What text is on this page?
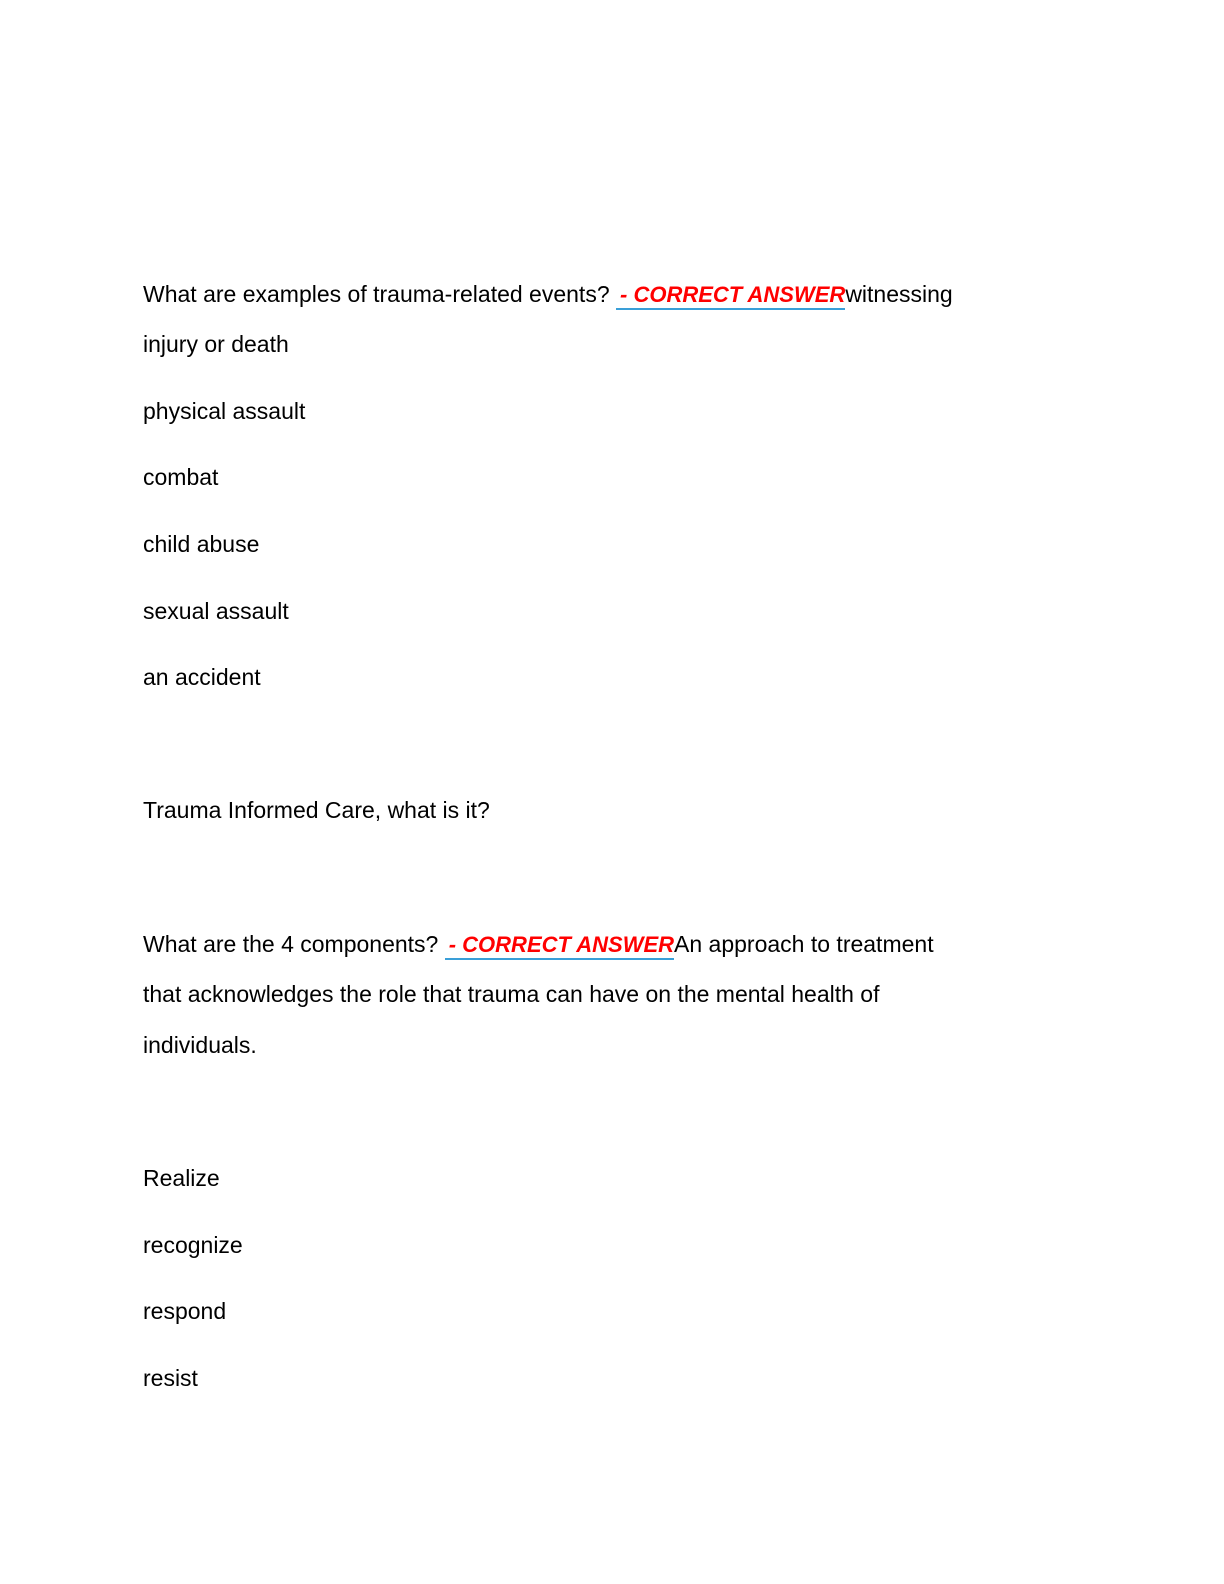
What are examples of trauma-related events? - CORRECT ANSWERwitnessing
injury or death
physical assault
combat
child abuse
sexual assault
an accident
Trauma Informed Care, what is it?
What are the 4 components? - CORRECT ANSWERAn approach to treatment
that acknowledges the role that trauma can have on the mental health of
individuals.
Realize
recognize
respond
resist
